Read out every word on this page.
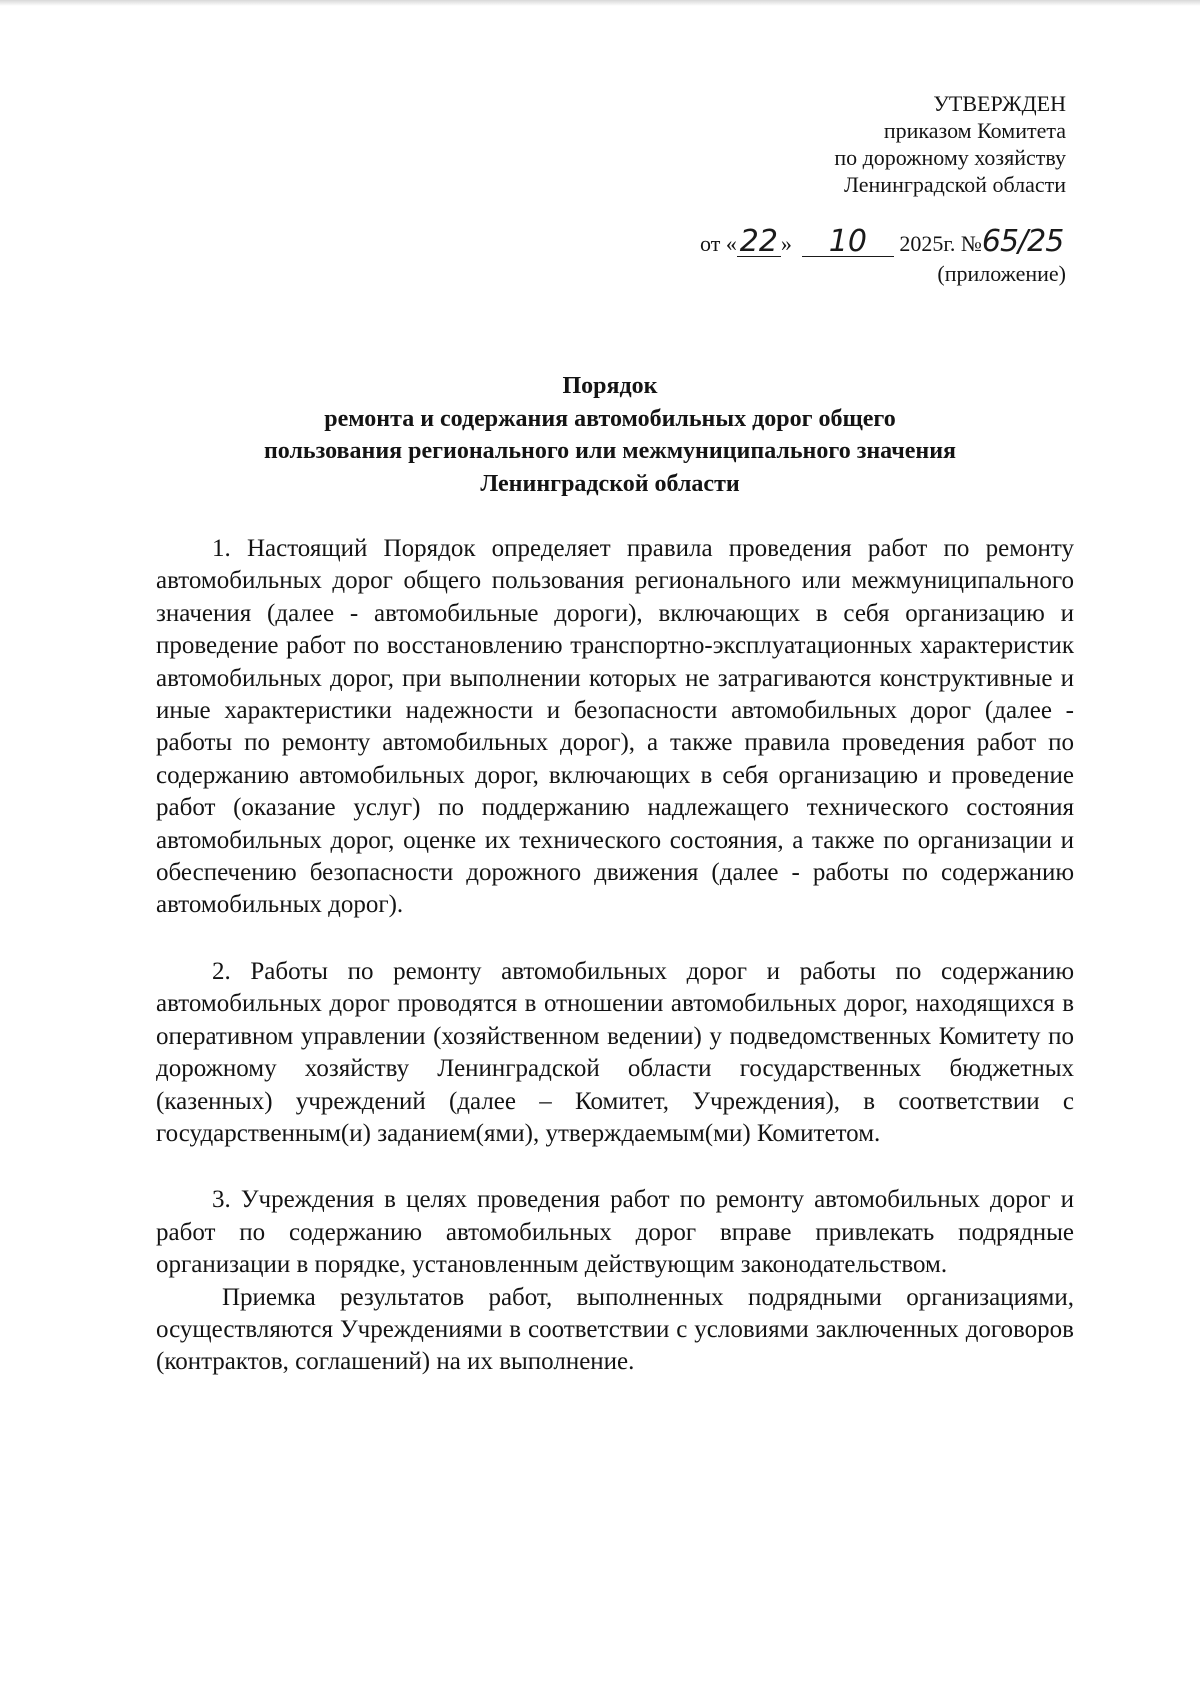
УТВЕРЖДЕН
приказом Комитета
по дорожному хозяйству
Ленинградской области
от «22 » 10 2025г. №65/25
(приложение)
Порядок
ремонта и содержания автомобильных дорог общего
пользования регионального или межмуниципального значения
Ленинградской области

1. Настоящий Порядок определяет правила проведения работ по ремонту автомобильных дорог общего пользования регионального или межмуниципального значения (далее - автомобильные дороги), включающих в себя организацию и проведение работ по восстановлению транспортно-эксплуатационных характеристик автомобильных дорог, при выполнении которых не затрагиваются конструктивные и иные характеристики надежности и безопасности автомобильных дорог (далее - работы по ремонту автомобильных дорог), а также правила проведения работ по содержанию автомобильных дорог, включающих в себя организацию и проведение работ (оказание услуг) по поддержанию надлежащего технического состояния автомобильных дорог, оценке их технического состояния, а также по организации и обеспечению безопасности дорожного движения (далее - работы по содержанию автомобильных дорог).

2. Работы по ремонту автомобильных дорог и работы по содержанию автомобильных дорог проводятся в отношении автомобильных дорог, находящихся в оперативном управлении (хозяйственном ведении) у подведомственных Комитету по дорожному хозяйству Ленинградской области государственных бюджетных (казенных) учреждений (далее – Комитет, Учреждения), в соответствии с государственным(и) заданием(ями), утверждаемым(ми) Комитетом.

3. Учреждения в целях проведения работ по ремонту автомобильных дорог и работ по содержанию автомобильных дорог вправе привлекать подрядные организации в порядке, установленным действующим законодательством.

Приемка результатов работ, выполненных подрядными организациями, осуществляются Учреждениями в соответствии с условиями заключенных договоров (контрактов, соглашений) на их выполнение.
